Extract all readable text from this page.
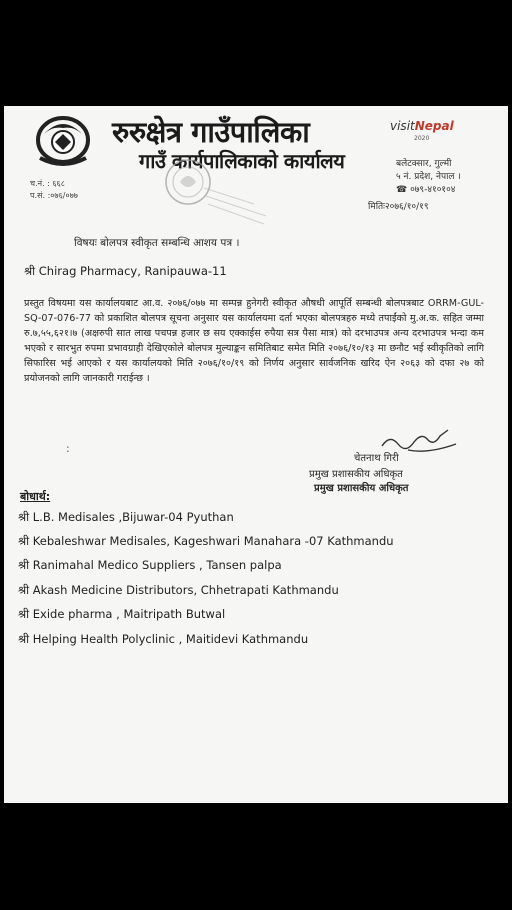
रुरुक्षेत्र गाउँपालिका
गाउँ कार्यपालिकाको कार्यालय
visitNepal
2020
बलेटक्सार, गुल्मी
५ नं. प्रदेश, नेपाल ।
☎ ०७९-४१०१०४
मितिः२०७६/१०/१९
च.नं. : ६६८
प.सं. :०७६/०७७
विषयः बोलपत्र स्वीकृत सम्बन्धि आशय पत्र ।
श्री Chirag Pharmacy, Ranipauwa-11
प्रस्तुत विषयमा यस कार्यालयबाट आ.व. २०७६/०७७ मा सम्पन्न हुनेगरी स्वीकृत औषधी आपूर्ति सम्बन्धी बोलपत्रबाट ORRM-GUL-SQ-07-076-77 को प्रकाशित बोलपत्र सूचना अनुसार यस कार्यालयमा दर्ता भएका बोलपत्रहरु मध्ये तपाईंको मु.अ.क. सहित जम्मा रु.७,५५,६२१।७ (अक्षरुपी सात लाख पचपन्न हजार छ सय एक्काईस रुपैया सत्र पैसा मात्र) को दरभाउपत्र अन्य दरभाउपत्र भन्दा कम भएको र सारभुत रुपमा प्रभावग्राही देखिएकोले बोलपत्र मुल्याङ्कन समितिबाट समेत मिति २०७६/१०/१३ मा छनौट भई स्वीकृतिको लागि सिफारिस भई आएको र यस कार्यालयको मिति २०७६/१०/१९ को निर्णय अनुसार सार्वजनिक खरिद ऐन २०६३ को दफा २७ को प्रयोजनको लागि जानकारी गराईन्छ ।
चेतनाथ गिरी
प्रमुख प्रशासकीय अधिकृत
प्रमुख प्रशासकीय अधिकृत
:
बोधार्थ:
श्री L.B. Medisales ,Bijuwar-04 Pyuthan
श्री Kebaleshwar Medisales, Kageshwari Manahara -07 Kathmandu
श्री Ranimahal Medico Suppliers , Tansen palpa
श्री Akash Medicine Distributors, Chhetrapati Kathmandu
श्री Exide pharma , Maitripath Butwal
श्री Helping Health Polyclinic , Maitidevi Kathmandu
